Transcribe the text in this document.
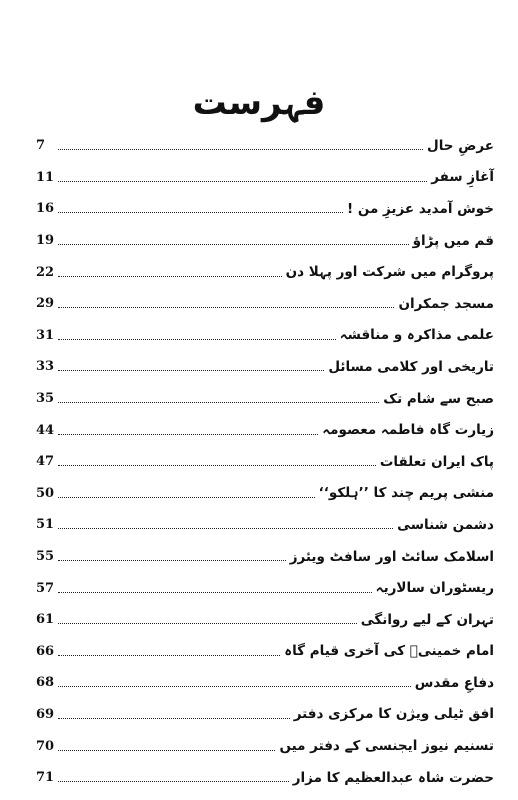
فہرست
7	عرضِ حال
11	آغازِ سفر
16	خوش آمدید عزیزِ من !
19	قم میں پڑاؤ
22	پروگرام میں شرکت اور پہلا دن
29	مسجد جمکران
31	علمی مذاکرہ و مناقشہ
33	تاریخی اور کلامی مسائل
35	صبح سے شام تک
44	زیارت گاہ فاطمہ معصومہ
47	پاک ایران تعلقات
50	منشی پریم چند کا ’’ہلکو‘‘
51	دشمن شناسی
55	اسلامک سائٹ اور سافٹ ویئرز
57	ریسٹوران سالاریہ
61	تہران کے لیے روانگی
66	امام خمینیؒ کی آخری قیام گاہ
68	دفاعِ مقدس
69	افق ٹیلی ویژن کا مرکزی دفتر
70	تسنیم نیوز ایجنسی کے دفتر میں
71	حضرت شاہ عبدالعظیم کا مزار
